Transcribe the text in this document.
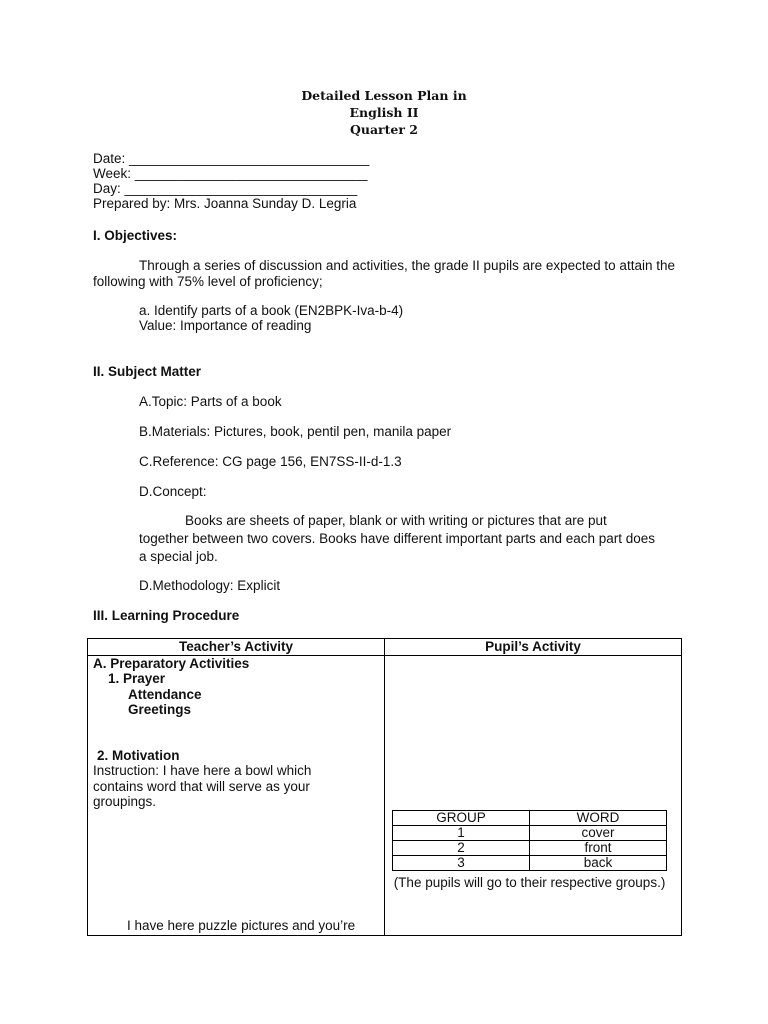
Detailed Lesson Plan in
English II
Quarter 2
Date: ________________________________
Week: _______________________________
Day: _______________________________
Prepared by: Mrs. Joanna Sunday D. Legria
I. Objectives:
Through a series of discussion and activities, the grade II pupils are expected to attain the following with 75% level of proficiency;
a. Identify parts of a book (EN2BPK-Iva-b-4)
Value: Importance of reading
II. Subject Matter
A.Topic: Parts of a book
B.Materials: Pictures, book, pentil pen, manila paper
C.Reference: CG page 156, EN7SS-II-d-1.3
D.Concept:
Books are sheets of paper, blank or with writing or pictures that are put together between two covers. Books have different important parts and each part does a special job.
D.Methodology: Explicit
III. Learning Procedure
Teacher’s Activity	Pupil’s Activity

A. Preparatory Activities
1. Prayer
Attendance
Greetings
2. Motivation
Instruction: I have here a bowl which
contains word that will serve as your
groupings.
I have here puzzle pictures and you’re

GROUP	WORD
1	cover
2	front
3	back
(The pupils will go to their respective groups.)
